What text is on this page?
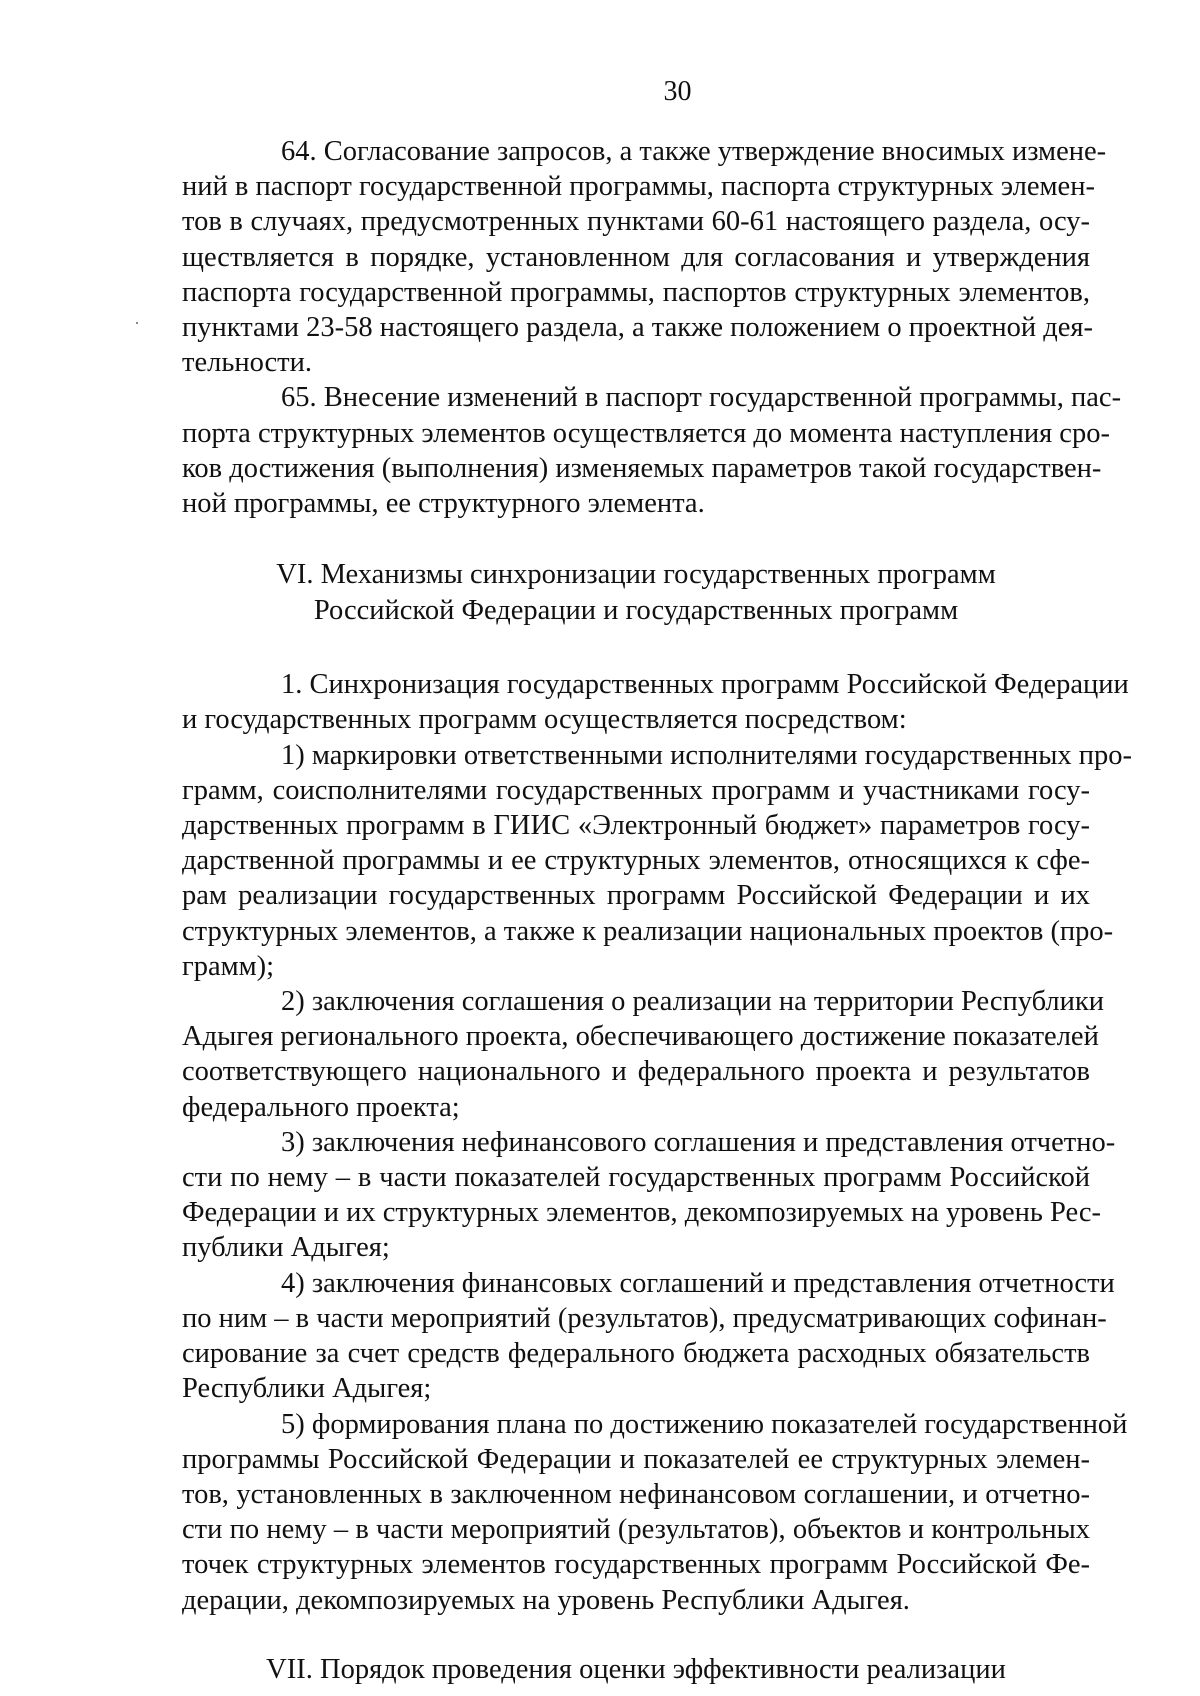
30
64. Согласование запросов, а также утверждение вносимых измене-
ний в паспорт государственной программы, паспорта структурных элемен-
тов в случаях, предусмотренных пунктами 60-61 настоящего раздела, осу-
ществляется в порядке, установленном для согласования и утверждения
паспорта государственной программы, паспортов структурных элементов,
пунктами 23-58 настоящего раздела, а также положением о проектной дея-
тельности.
65. Внесение изменений в паспорт государственной программы, пас-
порта структурных элементов осуществляется до момента наступления сро-
ков достижения (выполнения) изменяемых параметров такой государствен-
ной программы, ее структурного элемента.
VI. Механизмы синхронизации государственных программ
Российской Федерации и государственных программ
1. Синхронизация государственных программ Российской Федерации
и государственных программ осуществляется посредством:
1) маркировки ответственными исполнителями государственных про-
грамм, соисполнителями государственных программ и участниками госу-
дарственных программ в ГИИС «Электронный бюджет» параметров госу-
дарственной программы и ее структурных элементов, относящихся к сфе-
рам реализации государственных программ Российской Федерации и их
структурных элементов, а также к реализации национальных проектов (про-
грамм);
2) заключения соглашения о реализации на территории Республики
Адыгея регионального проекта, обеспечивающего достижение показателей
соответствующего национального и федерального проекта и результатов
федерального проекта;
3) заключения нефинансового соглашения и представления отчетно-
сти по нему – в части показателей государственных программ Российской
Федерации и их структурных элементов, декомпозируемых на уровень Рес-
публики Адыгея;
4) заключения финансовых соглашений и представления отчетности
по ним – в части мероприятий (результатов), предусматривающих софинан-
сирование за счет средств федерального бюджета расходных обязательств
Республики Адыгея;
5) формирования плана по достижению показателей государственной
программы Российской Федерации и показателей ее структурных элемен-
тов, установленных в заключенном нефинансовом соглашении, и отчетно-
сти по нему – в части мероприятий (результатов), объектов и контрольных
точек структурных элементов государственных программ Российской Фе-
дерации, декомпозируемых на уровень Республики Адыгея.
VII. Порядок проведения оценки эффективности реализации
